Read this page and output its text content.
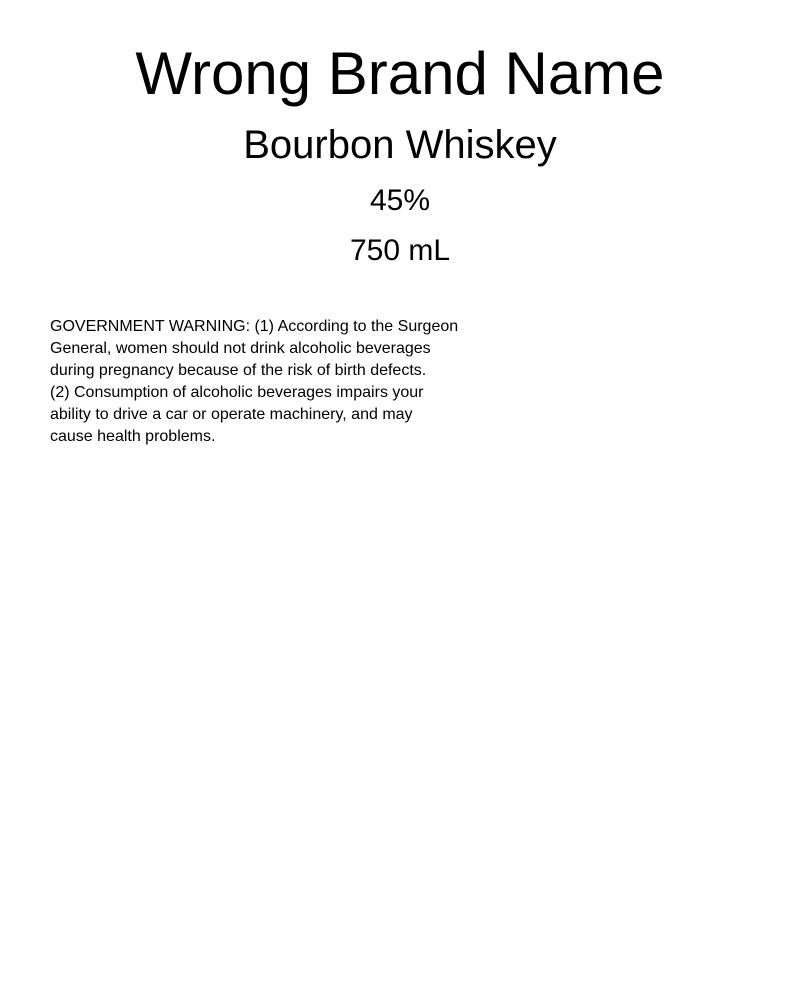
Wrong Brand Name
Bourbon Whiskey
45%
750 mL
GOVERNMENT WARNING: (1) According to the Surgeon
General, women should not drink alcoholic beverages
during pregnancy because of the risk of birth defects.
(2) Consumption of alcoholic beverages impairs your
ability to drive a car or operate machinery, and may
cause health problems.
